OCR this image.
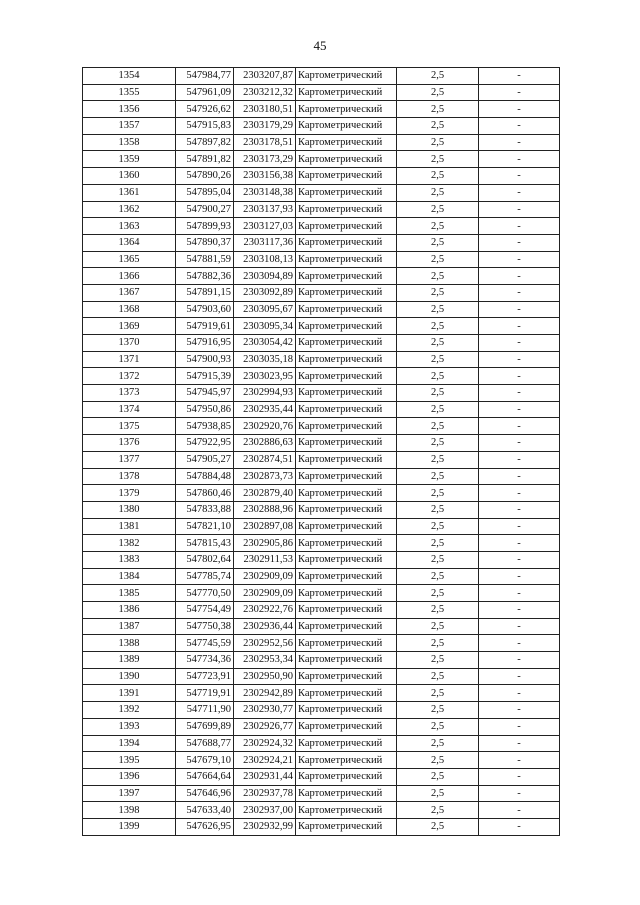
45
1354	547984,77	2303207,87	Картометрический	2,5	-
1355	547961,09	2303212,32	Картометрический	2,5	-
1356	547926,62	2303180,51	Картометрический	2,5	-
1357	547915,83	2303179,29	Картометрический	2,5	-
1358	547897,82	2303178,51	Картометрический	2,5	-
1359	547891,82	2303173,29	Картометрический	2,5	-
1360	547890,26	2303156,38	Картометрический	2,5	-
1361	547895,04	2303148,38	Картометрический	2,5	-
1362	547900,27	2303137,93	Картометрический	2,5	-
1363	547899,93	2303127,03	Картометрический	2,5	-
1364	547890,37	2303117,36	Картометрический	2,5	-
1365	547881,59	2303108,13	Картометрический	2,5	-
1366	547882,36	2303094,89	Картометрический	2,5	-
1367	547891,15	2303092,89	Картометрический	2,5	-
1368	547903,60	2303095,67	Картометрический	2,5	-
1369	547919,61	2303095,34	Картометрический	2,5	-
1370	547916,95	2303054,42	Картометрический	2,5	-
1371	547900,93	2303035,18	Картометрический	2,5	-
1372	547915,39	2303023,95	Картометрический	2,5	-
1373	547945,97	2302994,93	Картометрический	2,5	-
1374	547950,86	2302935,44	Картометрический	2,5	-
1375	547938,85	2302920,76	Картометрический	2,5	-
1376	547922,95	2302886,63	Картометрический	2,5	-
1377	547905,27	2302874,51	Картометрический	2,5	-
1378	547884,48	2302873,73	Картометрический	2,5	-
1379	547860,46	2302879,40	Картометрический	2,5	-
1380	547833,88	2302888,96	Картометрический	2,5	-
1381	547821,10	2302897,08	Картометрический	2,5	-
1382	547815,43	2302905,86	Картометрический	2,5	-
1383	547802,64	2302911,53	Картометрический	2,5	-
1384	547785,74	2302909,09	Картометрический	2,5	-
1385	547770,50	2302909,09	Картометрический	2,5	-
1386	547754,49	2302922,76	Картометрический	2,5	-
1387	547750,38	2302936,44	Картометрический	2,5	-
1388	547745,59	2302952,56	Картометрический	2,5	-
1389	547734,36	2302953,34	Картометрический	2,5	-
1390	547723,91	2302950,90	Картометрический	2,5	-
1391	547719,91	2302942,89	Картометрический	2,5	-
1392	547711,90	2302930,77	Картометрический	2,5	-
1393	547699,89	2302926,77	Картометрический	2,5	-
1394	547688,77	2302924,32	Картометрический	2,5	-
1395	547679,10	2302924,21	Картометрический	2,5	-
1396	547664,64	2302931,44	Картометрический	2,5	-
1397	547646,96	2302937,78	Картометрический	2,5	-
1398	547633,40	2302937,00	Картометрический	2,5	-
1399	547626,95	2302932,99	Картометрический	2,5	-
